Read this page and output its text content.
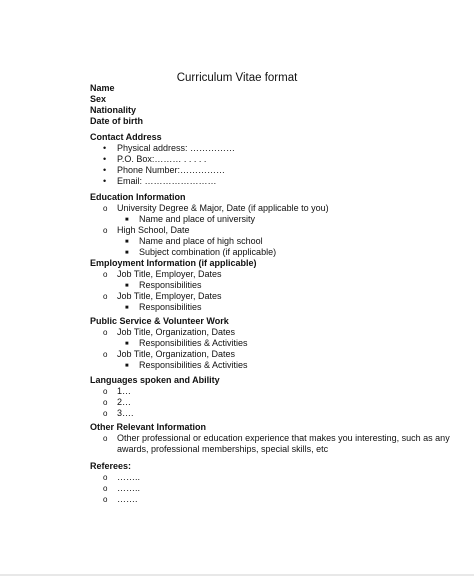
Curriculum Vitae format
Name
Sex
Nationality
Date of birth
Contact Address
• Physical address: ……………
• P.O. Box:……… . . . . .
• Phone Number:……………
• Email: ……………………
Education Information
o University Degree & Major, Date (if applicable to you)
■ Name and place of university
o High School, Date
■ Name and place of high school
■ Subject combination (if applicable)
Employment Information (if applicable)
o Job Title, Employer, Dates
■ Responsibilities
o Job Title, Employer, Dates
■ Responsibilities
Public Service & Volunteer Work
o Job Title, Organization, Dates
■ Responsibilities & Activities
o Job Title, Organization, Dates
■ Responsibilities & Activities
Languages spoken and Ability
o 1…
o 2…
o 3….
Other Relevant Information
o Other professional or education experience that makes you interesting, such as any
awards, professional memberships, special skills, etc
Referees:
o ……..
o ……..
o …….
